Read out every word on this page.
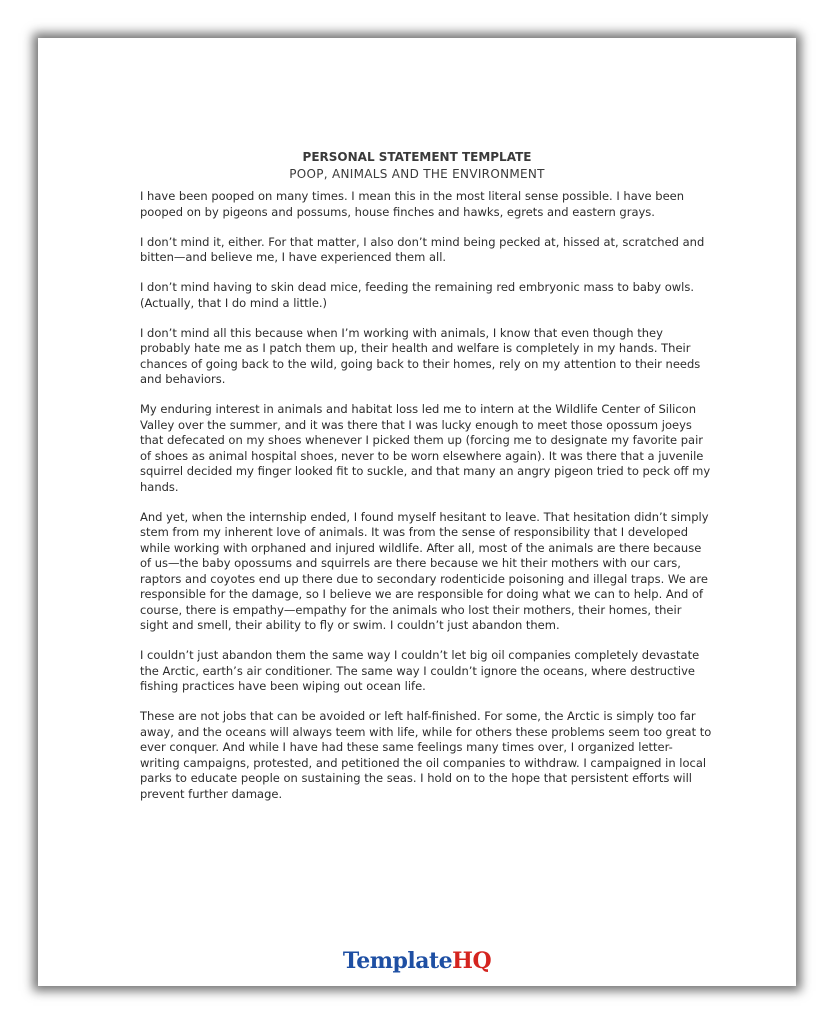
PERSONAL STATEMENT TEMPLATE
POOP, ANIMALS AND THE ENVIRONMENT

I have been pooped on many times. I mean this in the most literal sense possible. I have been pooped on by pigeons and possums, house finches and hawks, egrets and eastern grays.

I don’t mind it, either. For that matter, I also don’t mind being pecked at, hissed at, scratched and bitten—and believe me, I have experienced them all.

I don’t mind having to skin dead mice, feeding the remaining red embryonic mass to baby owls. (Actually, that I do mind a little.)

I don’t mind all this because when I’m working with animals, I know that even though they probably hate me as I patch them up, their health and welfare is completely in my hands. Their chances of going back to the wild, going back to their homes, rely on my attention to their needs and behaviors.

My enduring interest in animals and habitat loss led me to intern at the Wildlife Center of Silicon Valley over the summer, and it was there that I was lucky enough to meet those opossum joeys that defecated on my shoes whenever I picked them up (forcing me to designate my favorite pair of shoes as animal hospital shoes, never to be worn elsewhere again). It was there that a juvenile squirrel decided my finger looked fit to suckle, and that many an angry pigeon tried to peck off my hands.

And yet, when the internship ended, I found myself hesitant to leave. That hesitation didn’t simply stem from my inherent love of animals. It was from the sense of responsibility that I developed while working with orphaned and injured wildlife. After all, most of the animals are there because of us—the baby opossums and squirrels are there because we hit their mothers with our cars, raptors and coyotes end up there due to secondary rodenticide poisoning and illegal traps. We are responsible for the damage, so I believe we are responsible for doing what we can to help. And of course, there is empathy—empathy for the animals who lost their mothers, their homes, their sight and smell, their ability to fly or swim. I couldn’t just abandon them.

I couldn’t just abandon them the same way I couldn’t let big oil companies completely devastate the Arctic, earth’s air conditioner. The same way I couldn’t ignore the oceans, where destructive fishing practices have been wiping out ocean life.

These are not jobs that can be avoided or left half-finished. For some, the Arctic is simply too far away, and the oceans will always teem with life, while for others these problems seem too great to ever conquer. And while I have had these same feelings many times over, I organized letter-writing campaigns, protested, and petitioned the oil companies to withdraw. I campaigned in local parks to educate people on sustaining the seas. I hold on to the hope that persistent efforts will prevent further damage.

TemplateHQ
